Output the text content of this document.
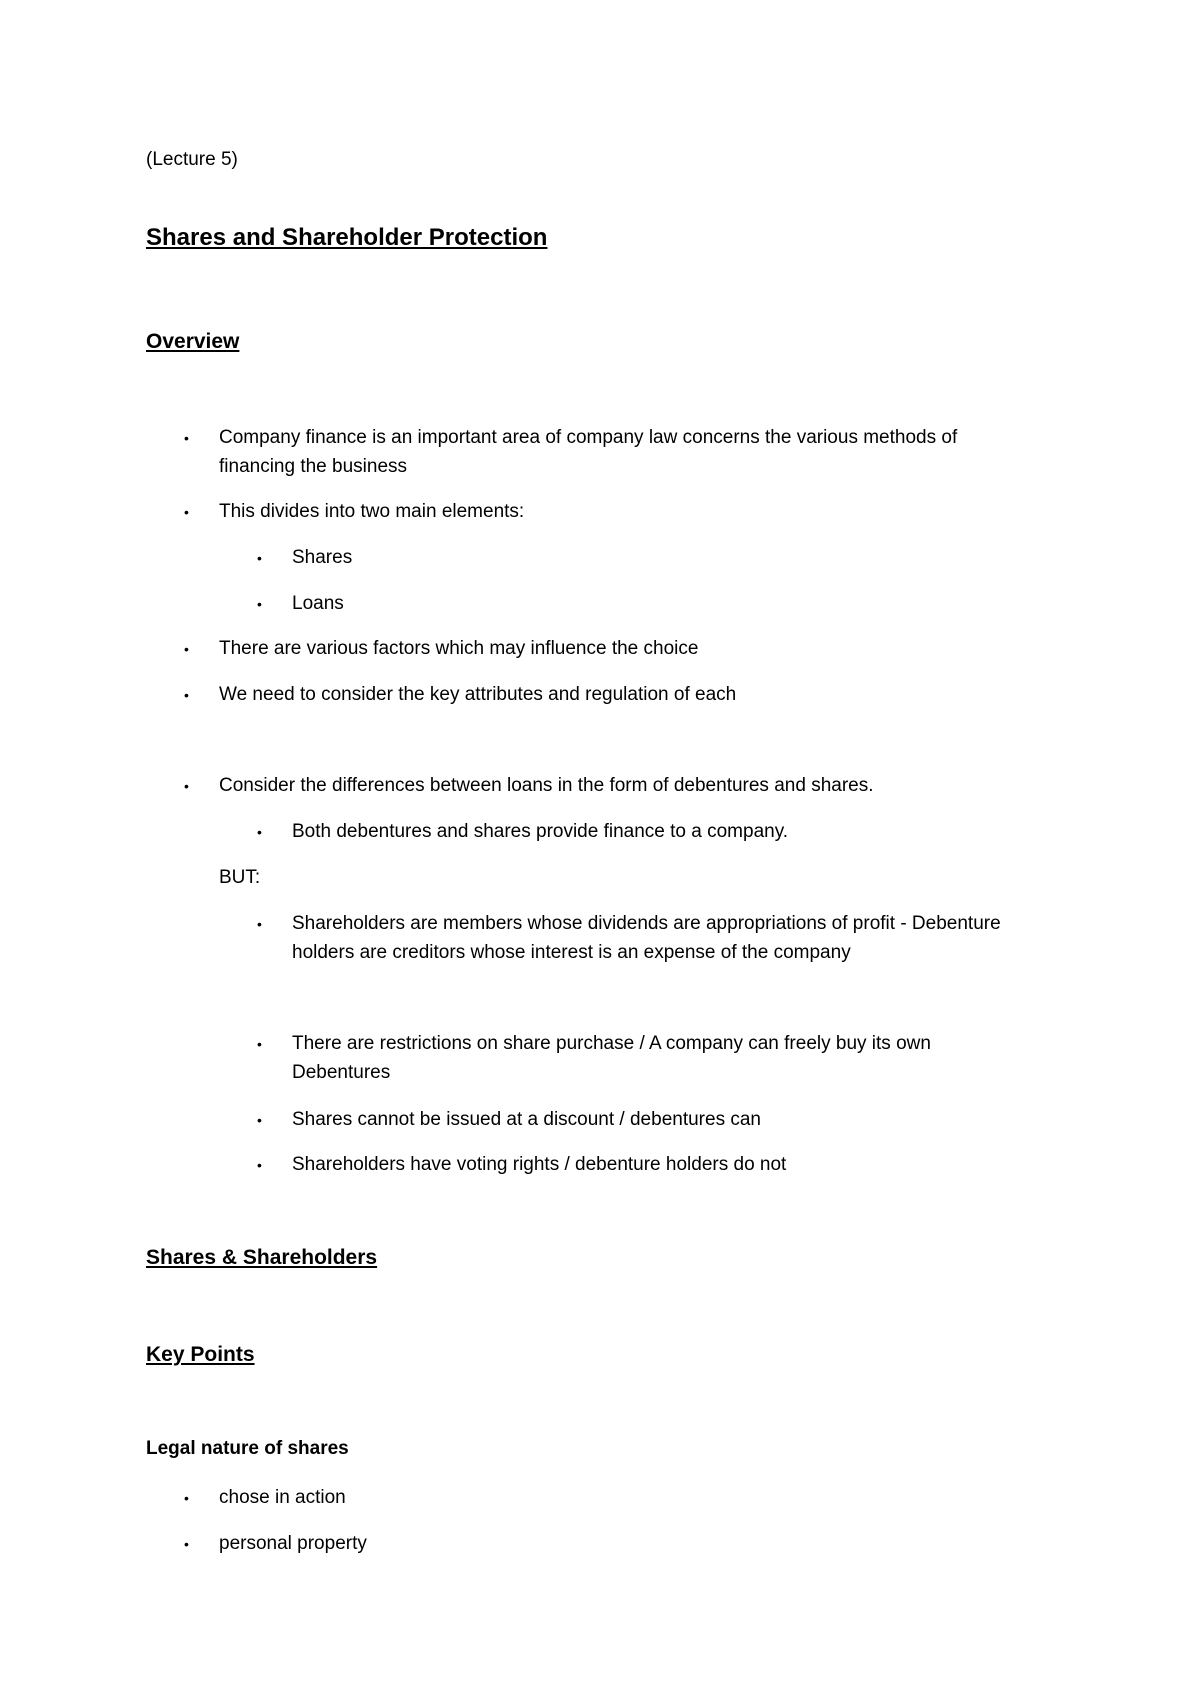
(Lecture 5)
Shares and Shareholder Protection
Overview
• Company finance is an important area of company law concerns the various methods of
financing the business
• This divides into two main elements:
• Shares
• Loans
• There are various factors which may influence the choice
• We need to consider the key attributes and regulation of each
• Consider the differences between loans in the form of debentures and shares.
• Both debentures and shares provide finance to a company.
BUT:
• Shareholders are members whose dividends are appropriations of profit - Debenture
holders are creditors whose interest is an expense of the company
• There are restrictions on share purchase / A company can freely buy its own
Debentures
• Shares cannot be issued at a discount / debentures can
• Shareholders have voting rights / debenture holders do not
Shares & Shareholders
Key Points
Legal nature of shares
• chose in action
• personal property
